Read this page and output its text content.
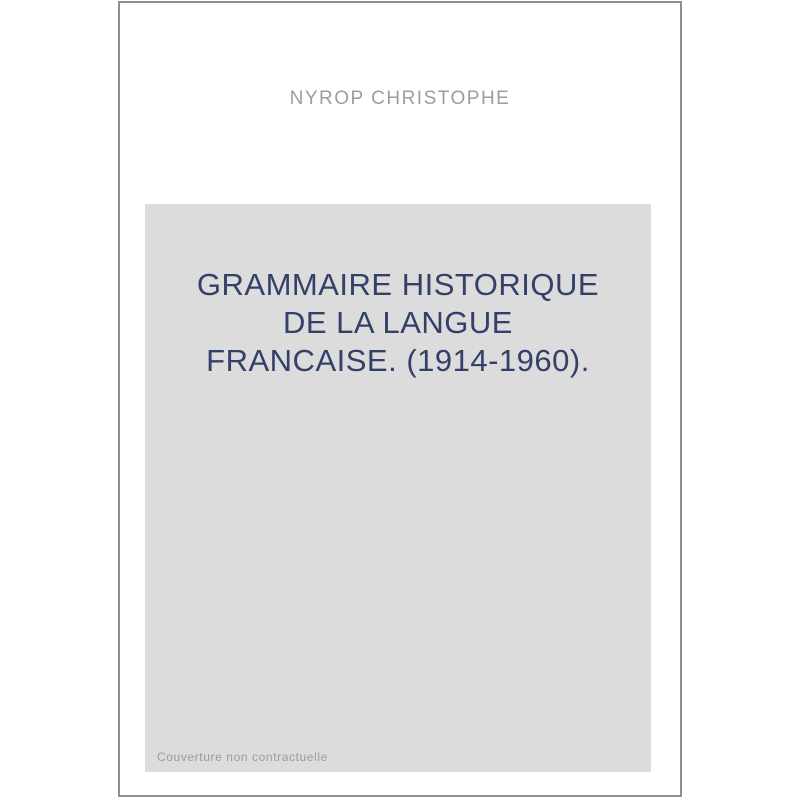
NYROP CHRISTOPHE
GRAMMAIRE HISTORIQUE
DE LA LANGUE
FRANCAISE. (1914-1960).
Couverture non contractuelle
